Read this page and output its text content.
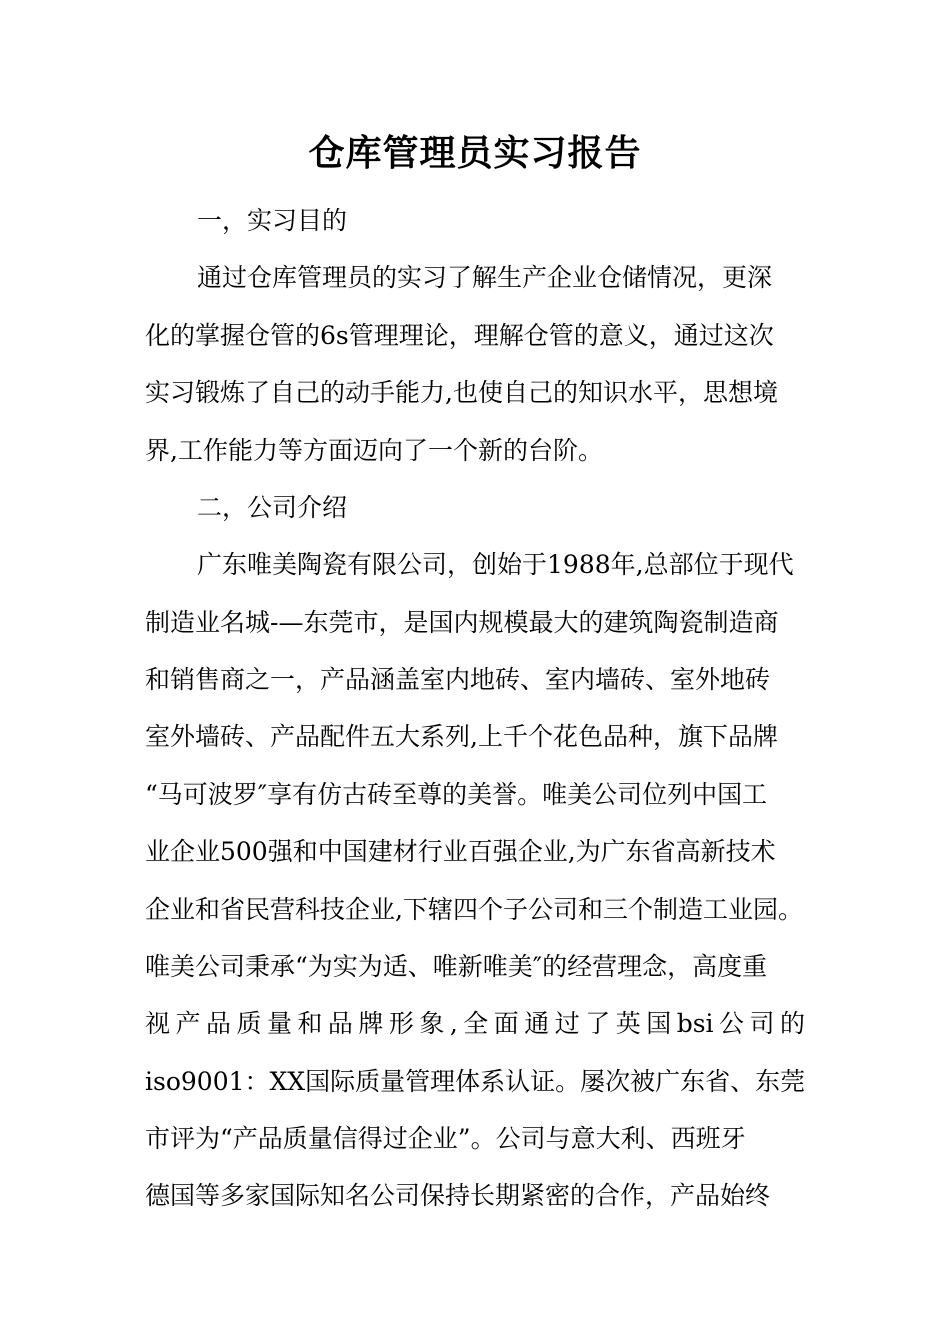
仓库管理员实习报告
一，实习目的
通过仓库管理员的实习了解生产企业仓储情况，更深
化的掌握仓管的6s管理理论，理解仓管的意义，通过这次
实习锻炼了自己的动手能力,也使自己的知识水平，思想境
界,工作能力等方面迈向了一个新的台阶。
二，公司介绍
广东唯美陶瓷有限公司，创始于1988年,总部位于现代
制造业名城-—东莞市，是国内规模最大的建筑陶瓷制造商
和销售商之一，产品涵盖室内地砖、室内墙砖、室外地砖
室外墙砖、产品配件五大系列,上千个花色品种，旗下品牌
“马可波罗″享有仿古砖至尊的美誉。唯美公司位列中国工
业企业500强和中国建材行业百强企业,为广东省高新技术
企业和省民营科技企业,下辖四个子公司和三个制造工业园。
唯美公司秉承“为实为适、唯新唯美″的经营理念，高度重
视产品质量和品牌形象,全面通过了英国bsi公司的
iso9001：XX国际质量管理体系认证。屡次被广东省、东莞
市评为“产品质量信得过企业”。公司与意大利、西班牙
德国等多家国际知名公司保持长期紧密的合作，产品始终
